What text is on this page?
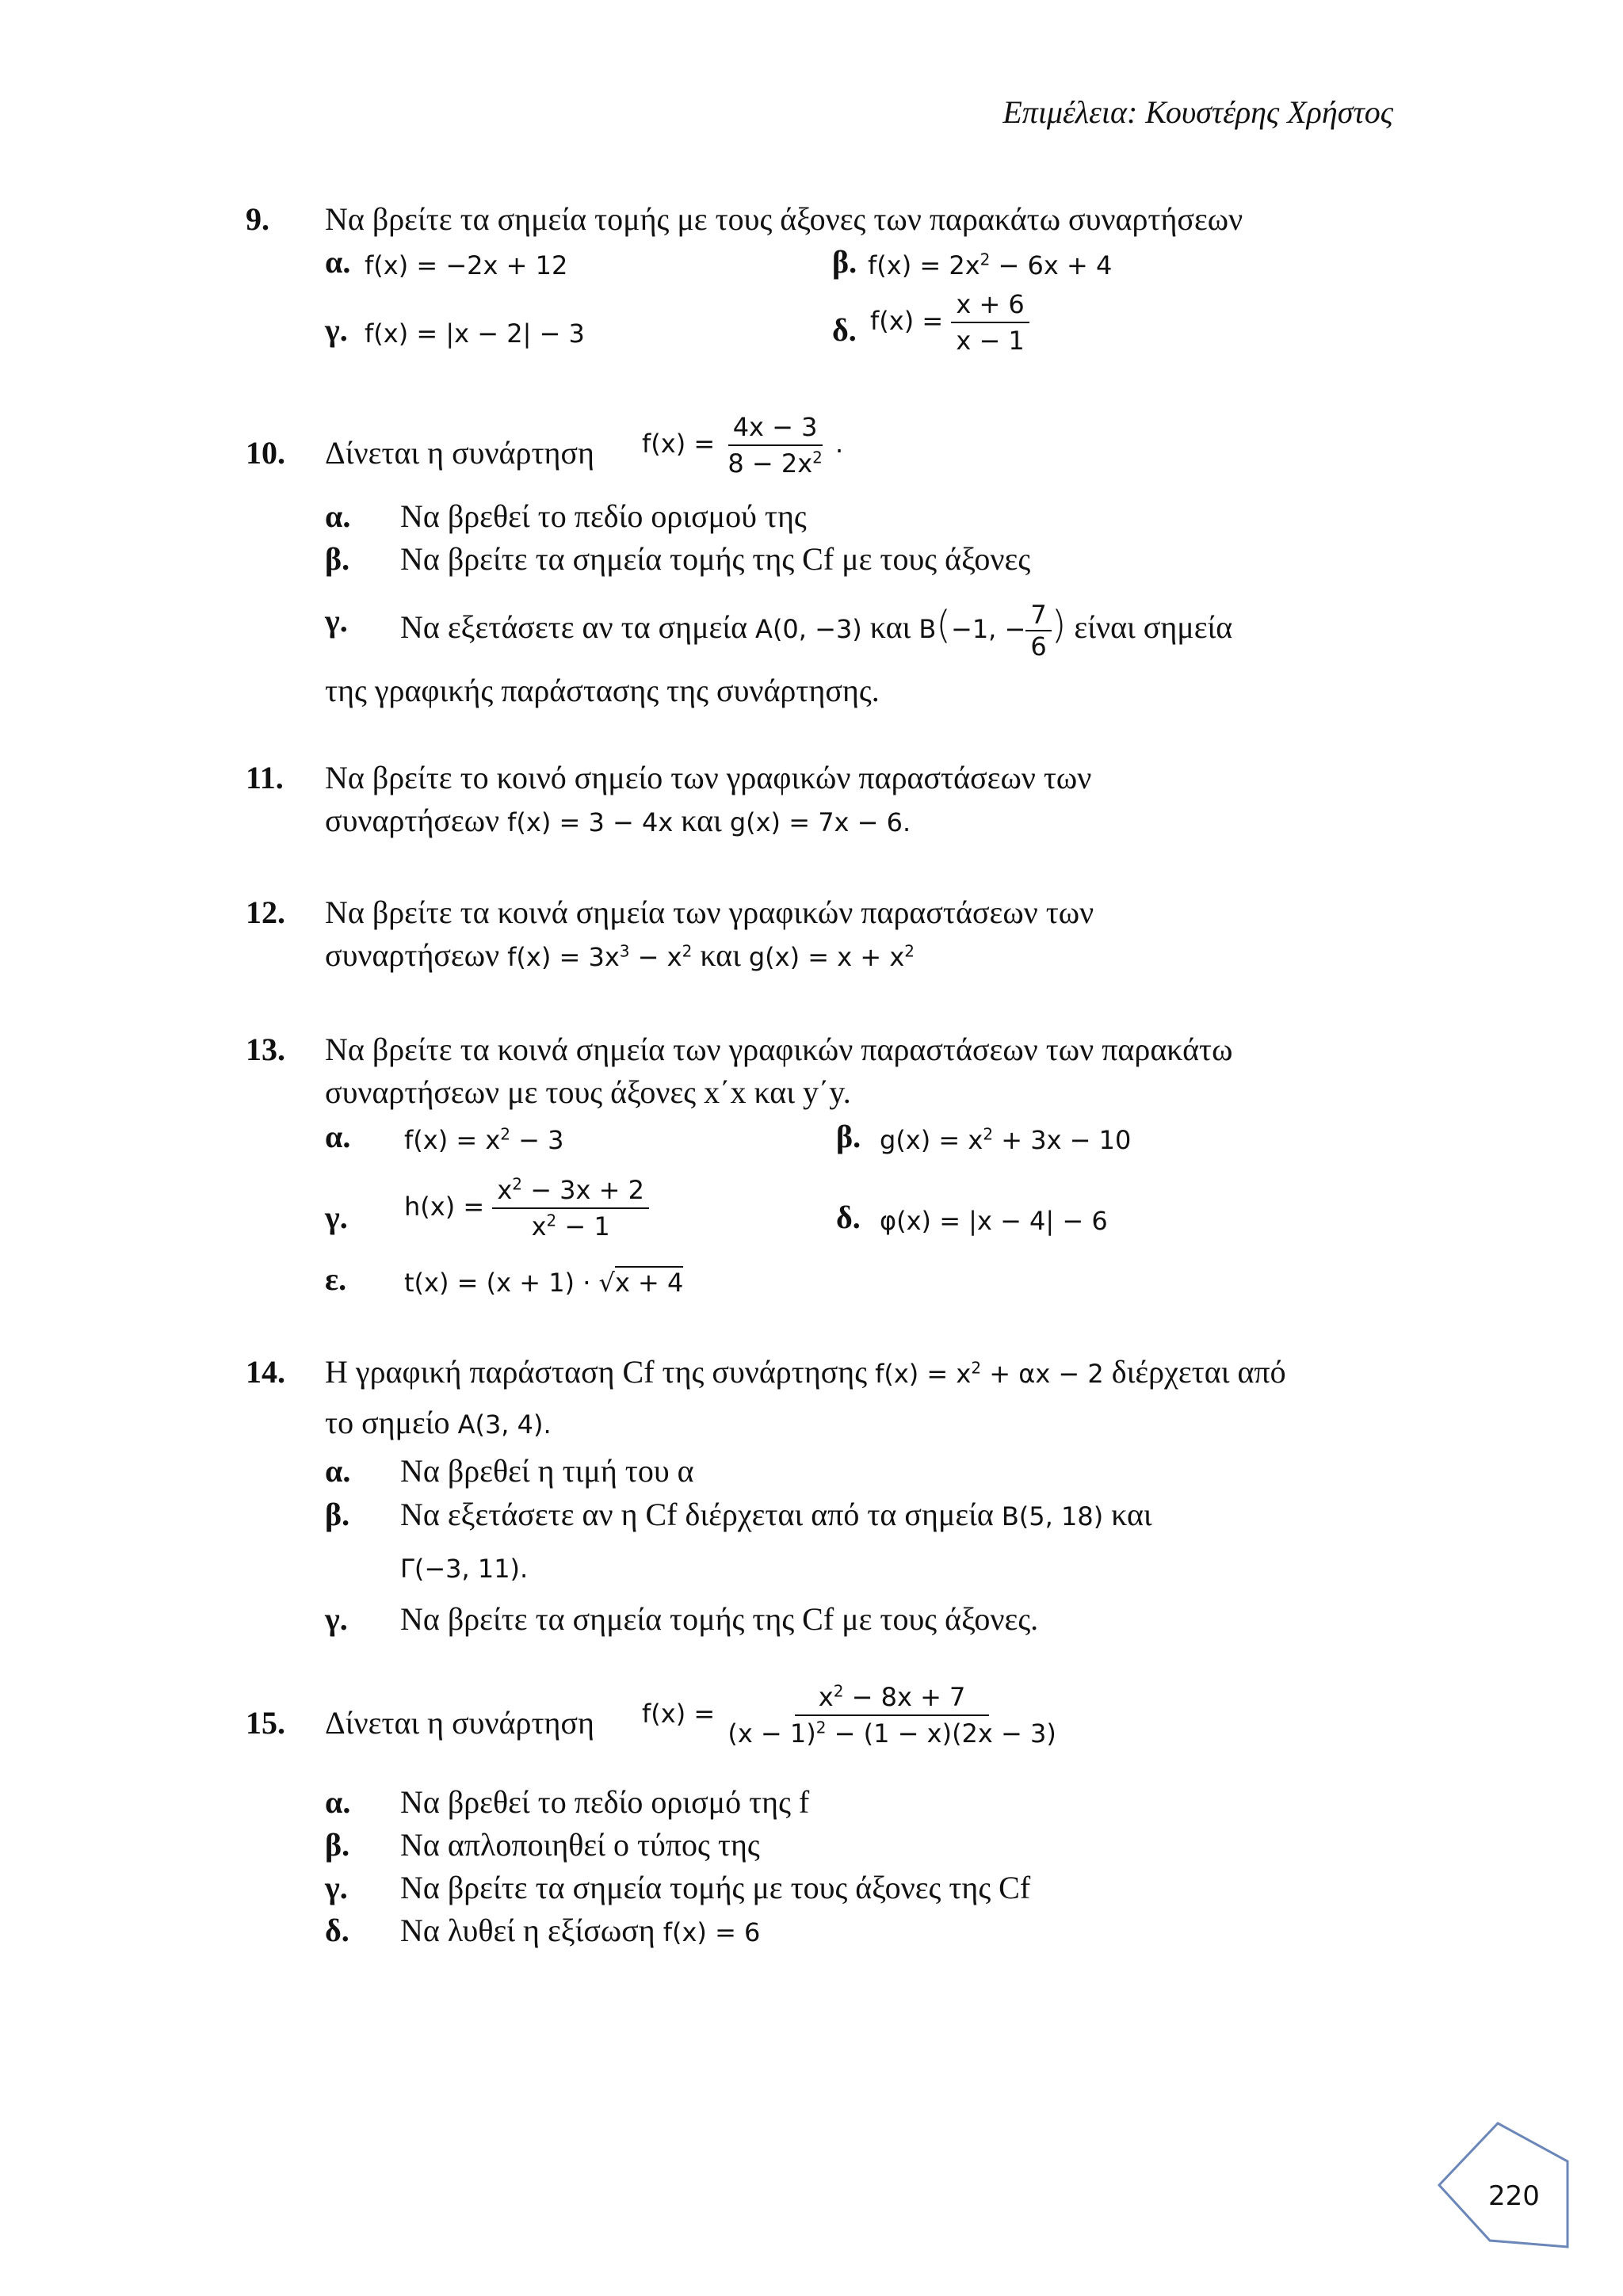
Επιμέλεια: Κουστέρης Χρήστος
9. Να βρείτε τα σημεία τομής με τους άξονες των παρακάτω συναρτήσεων
α. f(x) = −2x + 12	β. $f(x) = 2x^2 - 6x + 4$
γ. f(x) = |x − 2| − 3	δ. $f(x) = \frac{x + 6}{x - 1}$
10. Δίνεται η συνάρτηση $f(x) = \frac{4x - 3}{8 - 2x^2}$ .
α. Να βρεθεί το πεδίο ορισμού της
β. Να βρείτε τα σημεία τομής της Cf με τους άξονες
γ. Να εξετάσετε αν τα σημεία A(0, −3) και B(−1, − $\frac{7}{6}$ ) είναι σημεία
της γραφικής παράστασης της συνάρτησης.
11. Να βρείτε το κοινό σημείο των γραφικών παραστάσεων των
συναρτήσεων f(x) = 3 − 4x και g(x) = 7x − 6.
12. Να βρείτε τα κοινά σημεία των γραφικών παραστάσεων των
συναρτήσεων $f(x) = 3x^3 - x^2$ και $g(x) = x + x^2$
13. Να βρείτε τα κοινά σημεία των γραφικών παραστάσεων των παρακάτω
συναρτήσεων με τους άξονες x΄x και y΄y.
α. $f(x) = x^2 - 3$	β. $g(x) = x^2 + 3x - 10$
γ. $h(x) = \frac{x^2 - 3x + 2}{x^2 - 1}$	δ. φ(x) = |x − 4| − 6
ε. t(x) = (x + 1) · √x + 4
14. Η γραφική παράσταση Cf της συνάρτησης $f(x) = x^2 + \alpha x - 2$ διέρχεται από
το σημείο A(3, 4).
α. Να βρεθεί η τιμή του α
β. Να εξετάσετε αν η Cf διέρχεται από τα σημεία B(5, 18) και
Γ(−3, 11).
γ. Να βρείτε τα σημεία τομής της Cf με τους άξονες.
15. Δίνεται η συνάρτηση $f(x) = \frac{x^2 - 8x + 7}{(x - 1)^2 - (1 - x)(2x - 3)}$
α. Να βρεθεί το πεδίο ορισμό της f
β. Να απλοποιηθεί ο τύπος της
γ. Να βρείτε τα σημεία τομής με τους άξονες της Cf
δ. Να λυθεί η εξίσωση f(x) = 6
220
